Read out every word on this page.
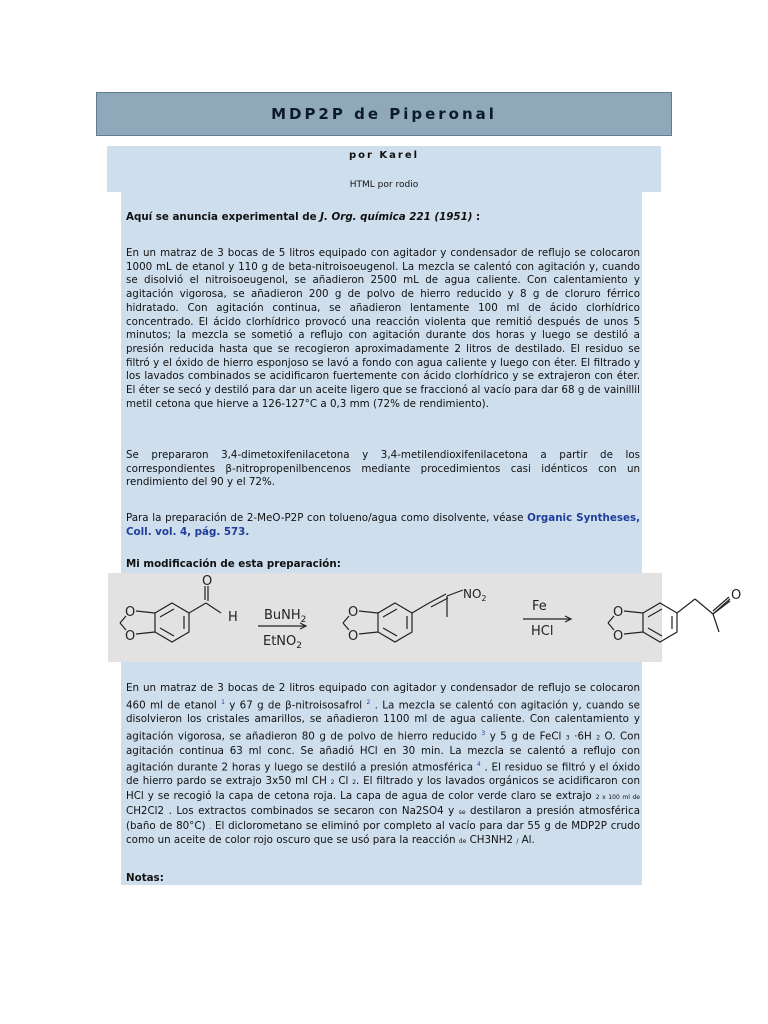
MDP2P de Piperonal
por Karel
HTML por rodio

Aquí se anuncia experimental de J. Org. química 221 (1951) :

En un matraz de 3 bocas de 5 litros equipado con agitador y condensador de reflujo se colocaron 1000 mL de etanol y 110 g de beta-nitroisoeugenol. La mezcla se calentó con agitación y, cuando se disolvió el nitroisoeugenol, se añadieron 2500 mL de agua caliente. Con calentamiento y agitación vigorosa, se añadieron 200 g de polvo de hierro reducido y 8 g de cloruro férrico hidratado. Con agitación continua, se añadieron lentamente 100 ml de ácido clorhídrico concentrado. El ácido clorhídrico provocó una reacción violenta que remitió después de unos 5 minutos; la mezcla se sometió a reflujo con agitación durante dos horas y luego se destiló a presión reducida hasta que se recogieron aproximadamente 2 litros de destilado. El residuo se filtró y el óxido de hierro esponjoso se lavó a fondo con agua caliente y luego con éter. El filtrado y los lavados combinados se acidificaron fuertemente con ácido clorhídrico y se extrajeron con éter. El éter se secó y destiló para dar un aceite ligero que se fraccionó al vacío para dar 68 g de vainillil metil cetona que hierve a 126-127°C a 0,3 mm (72% de rendimiento).

Se prepararon 3,4-dimetoxifenilacetona y 3,4-metilendioxifenilacetona a partir de los correspondientes β-nitropropenilbencenos mediante procedimientos casi idénticos con un rendimiento del 90 y el 72%.

Para la preparación de 2-MeO-P2P con tolueno/agua como disolvente, véase Organic Syntheses, Coll. vol. 4, pág. 573.

Mi modificación de esta preparación:

En un matraz de 3 bocas de 2 litros equipado con agitador y condensador de reflujo se colocaron 460 ml de etanol $^1$ y 67 g de β-nitroisosafrol $^2$ . La mezcla se calentó con agitación y, cuando se disolvieron los cristales amarillos, se añadieron 1100 ml de agua caliente. Con calentamiento y agitación vigorosa, se añadieron 80 g de polvo de hierro reducido $^3$ y 5 g de FeCl 3 ·6H 2 O. Con agitación continua 63 ml conc. Se añadió HCl en 30 min. La mezcla se calentó a reflujo con agitación durante 2 horas y luego se destiló a presión atmosférica $^4$ . El residuo se filtró y el óxido de hierro pardo se extrajo 3x50 ml CH 2 Cl 2. El filtrado y los lavados orgánicos se acidificaron con HCl y se recogió la capa de cetona roja. La capa de agua de color verde claro se extrajo 2 x 100 ml de CH2Cl2 . Los extractos combinados se secaron con Na2SO4 y se destilaron a presión atmosférica (baño de 80°C) . El diclorometano se eliminó por completo al vacío para dar 55 g de MDP2P crudo como un aceite de color rojo oscuro que se usó para la reacción de CH3NH2 / Al.

Notas:

O
O
O
H BuNH$_2$
EtNO$_2$
O
O
$NO_2$
Fe
HCl
O
O
O
